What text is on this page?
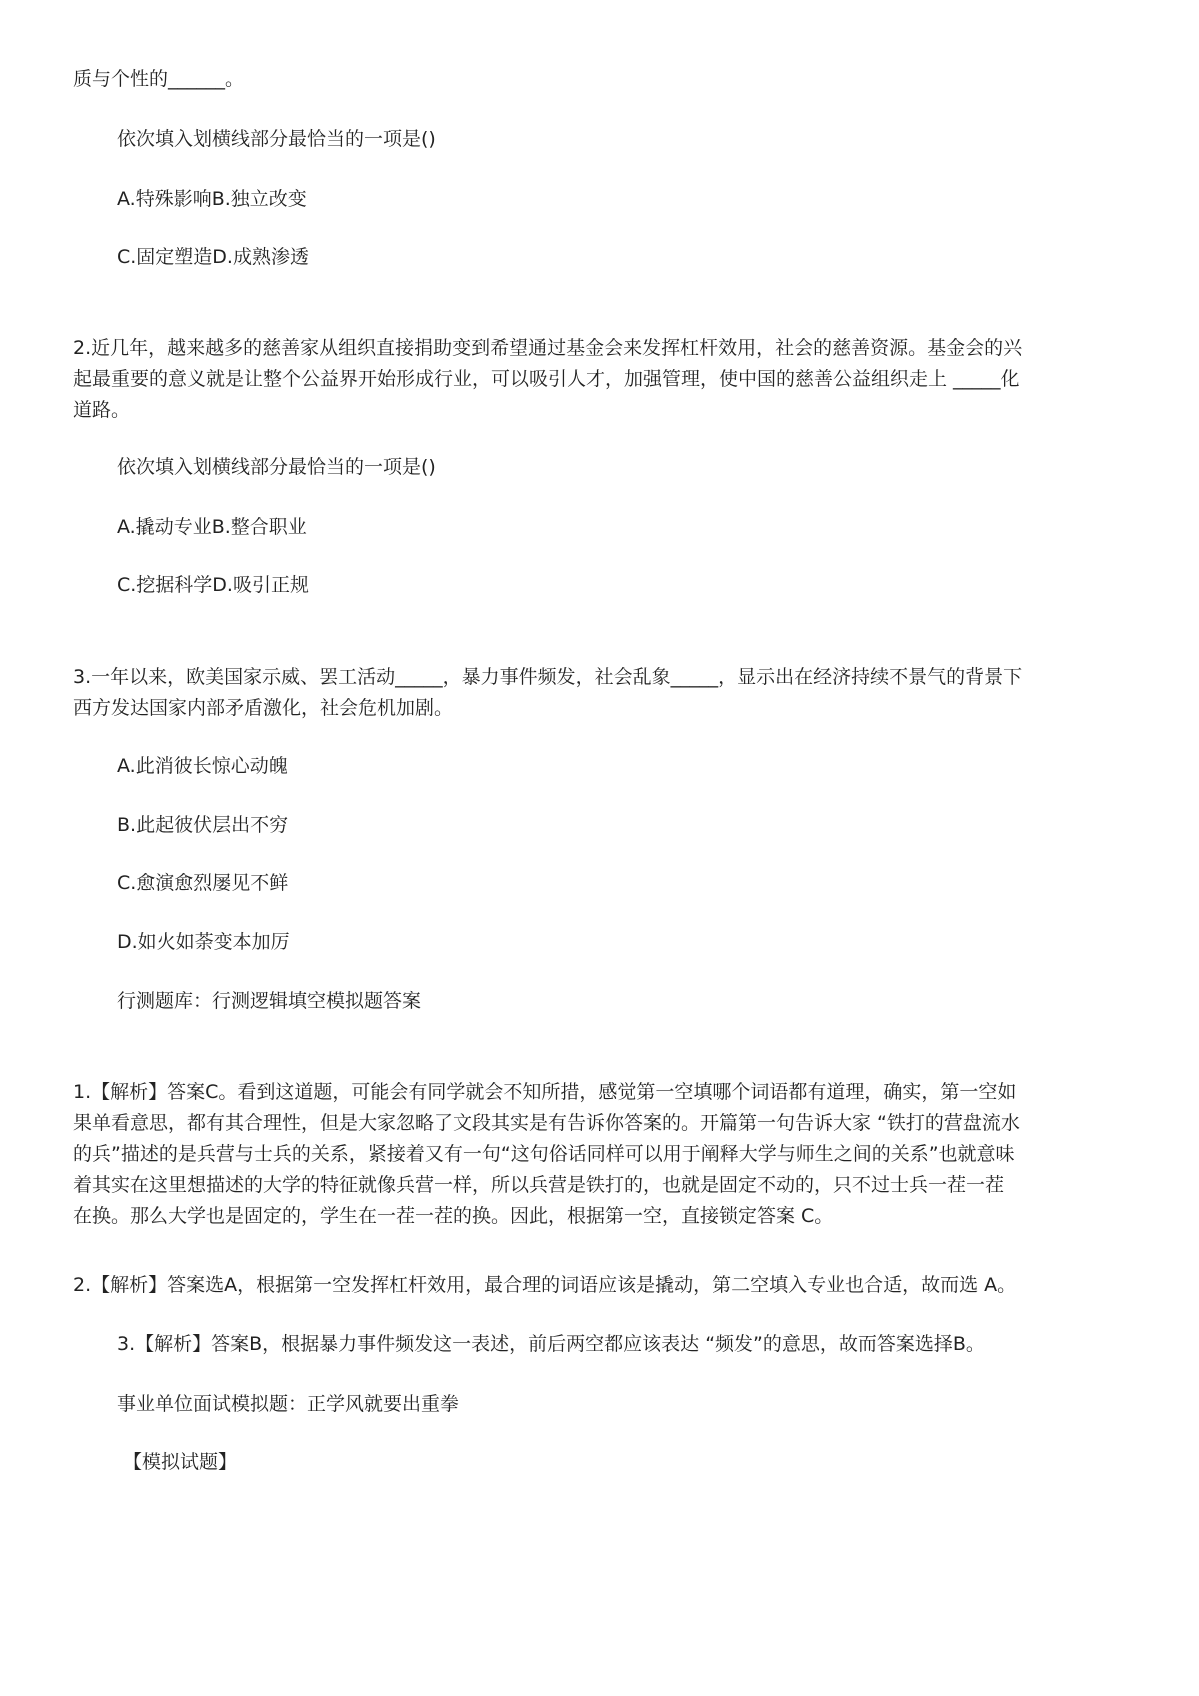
质与个性的______。

依次填入划横线部分最恰当的一项是()

A.特殊影响B.独立改变

C.固定塑造D.成熟渗透

2.近几年，越来越多的慈善家从组织直接捐助变到希望通过基金会来发挥杠杆效用，社会的慈善资源。基金会的兴
起最重要的意义就是让整个公益界开始形成行业，可以吸引人才，加强管理，使中国的慈善公益组织走上 _____化
道路。

依次填入划横线部分最恰当的一项是()

A.撬动专业B.整合职业

C.挖据科学D.吸引正规

3.一年以来，欧美国家示威、罢工活动_____，暴力事件频发，社会乱象_____，显示出在经济持续不景气的背景下
西方发达国家内部矛盾激化，社会危机加剧。

A.此消彼长惊心动魄

B.此起彼伏层出不穷

C.愈演愈烈屡见不鲜

D.如火如荼变本加厉

行测题库：行测逻辑填空模拟题答案

1.【解析】答案C。看到这道题，可能会有同学就会不知所措，感觉第一空填哪个词语都有道理，确实，第一空如
果单看意思，都有其合理性，但是大家忽略了文段其实是有告诉你答案的。开篇第一句告诉大家 “铁打的营盘流水
的兵”描述的是兵营与士兵的关系，紧接着又有一句“这句俗话同样可以用于阐释大学与师生之间的关系”也就意味
着其实在这里想描述的大学的特征就像兵营一样，所以兵营是铁打的，也就是固定不动的，只不过士兵一茬一茬
在换。那么大学也是固定的，学生在一茬一茬的换。因此，根据第一空，直接锁定答案 C。

2.【解析】答案选A，根据第一空发挥杠杆效用，最合理的词语应该是撬动，第二空填入专业也合适，故而选 A。

3.【解析】答案B，根据暴力事件频发这一表述，前后两空都应该表达 “频发”的意思，故而答案选择B。

事业单位面试模拟题：正学风就要出重拳

【模拟试题】
